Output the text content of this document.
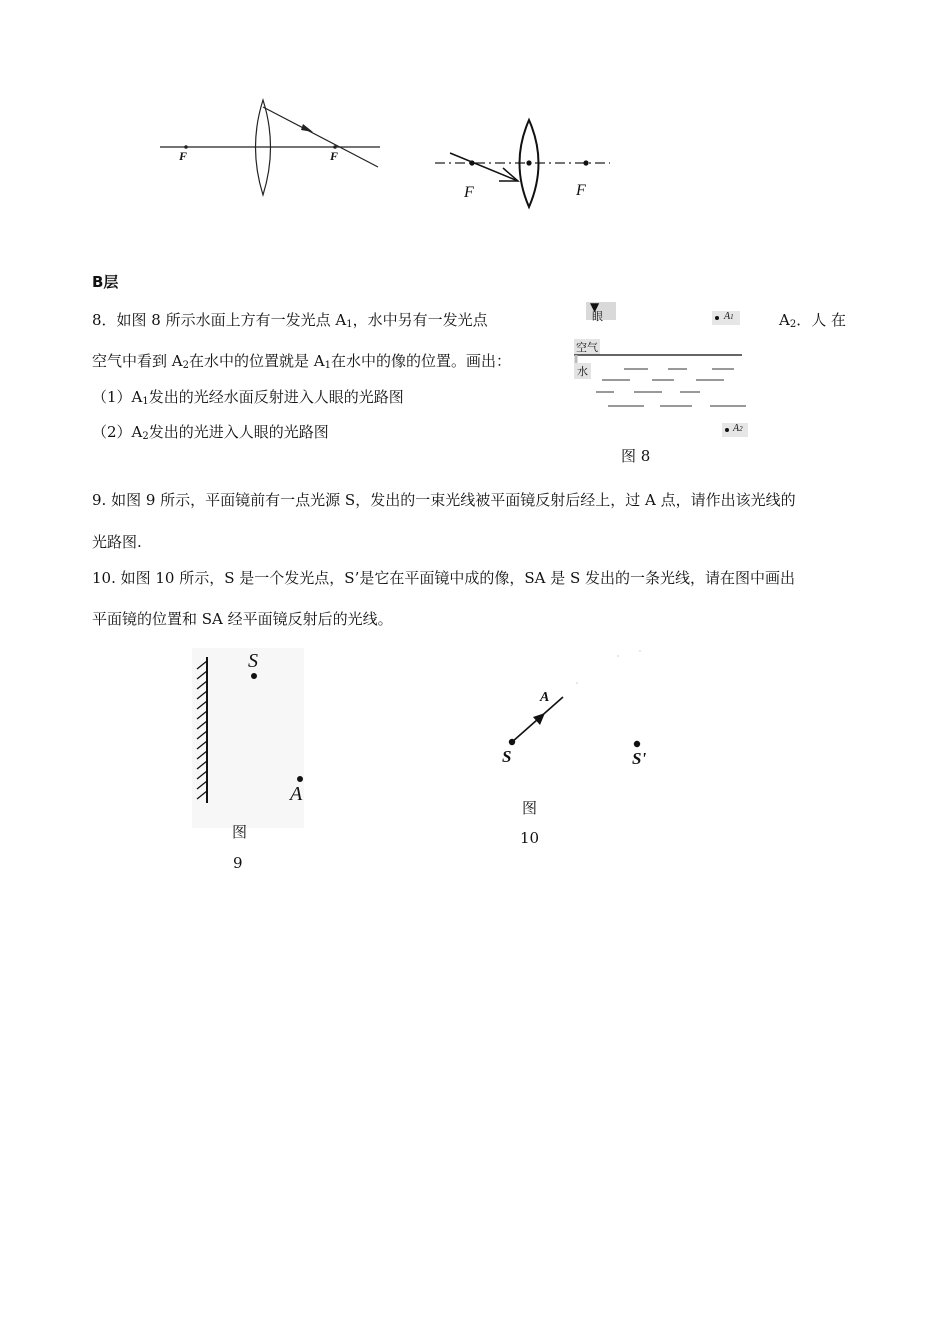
F	F
F	F
B层
8．如图 8 所示水面上方有一发光点 $A_1$，水中另有一发光点	$A_2$．人 在
空气中看到 $A_2$在水中的位置就是 $A_1$在水中的像的位置。画出：
$(1)A_1$发出的光经水面反射进入人眼的光路图
$(2)A_2$发出的光进入人眼的光路图
▼
眼	A1
空气
水
A2
图 8
9. 如图 9 所示，平面镜前有一点光源 S，发出的一束光线被平面镜反射后经上，过 A 点，请作出该光线的
光路图.
10. 如图 10 所示，S 是一个发光点，S’是它在平面镜中成的像，SA 是 S 发出的一条光线，请在图中画出
平面镜的位置和 SA 经平面镜反射后的光线。
S
A
图
9
A
S	S'
图
10
